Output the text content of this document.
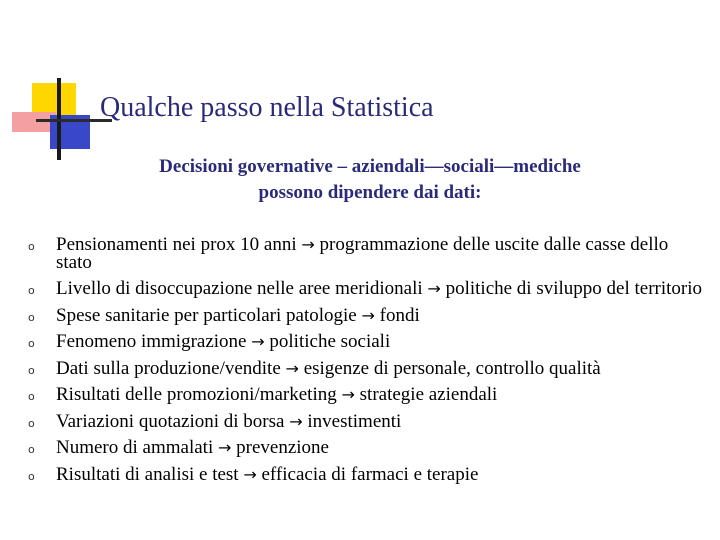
Qualche passo nella Statistica
Decisioni governative – aziendali—sociali—mediche
possono dipendere dai dati:
o Pensionamenti nei prox 10 anni → programmazione delle uscite dalle casse dello stato
o Livello di disoccupazione nelle aree meridionali → politiche di sviluppo del territorio
o Spese sanitarie per particolari patologie → fondi
o Fenomeno immigrazione → politiche sociali
o Dati sulla produzione/vendite → esigenze di personale, controllo qualità
o Risultati delle promozioni/marketing → strategie aziendali
o Variazioni quotazioni di borsa → investimenti
o Numero di ammalati → prevenzione
o Risultati di analisi e test → efficacia di farmaci e terapie
